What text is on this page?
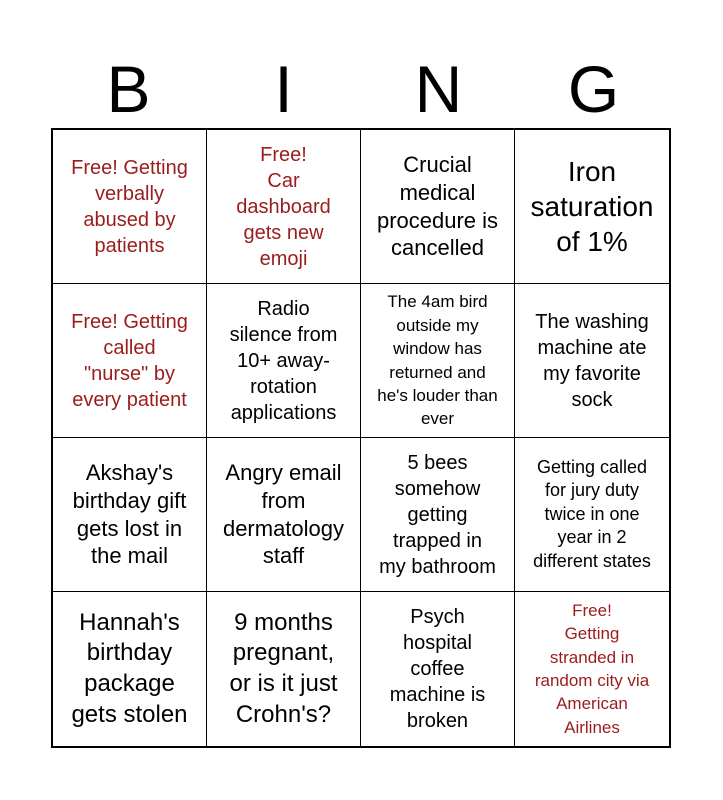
B	I	N	G
Free! Getting
verbally
abused by
patients
Free!
Car
dashboard
gets new
emoji
Crucial
medical
procedure is
cancelled
Iron
saturation
of 1%
Free! Getting
called
"nurse" by
every patient
Radio
silence from
10+ away-
rotation
applications
The 4am bird
outside my
window has
returned and
he's louder than
ever
The washing
machine ate
my favorite
sock
Akshay's
birthday gift
gets lost in
the mail
Angry email
from
dermatology
staff
5 bees
somehow
getting
trapped in
my bathroom
Getting called
for jury duty
twice in one
year in 2
different states
Hannah's
birthday
package
gets stolen
9 months
pregnant,
or is it just
Crohn's?
Psych
hospital
coffee
machine is
broken
Free!
Getting
stranded in
random city via
American
Airlines
